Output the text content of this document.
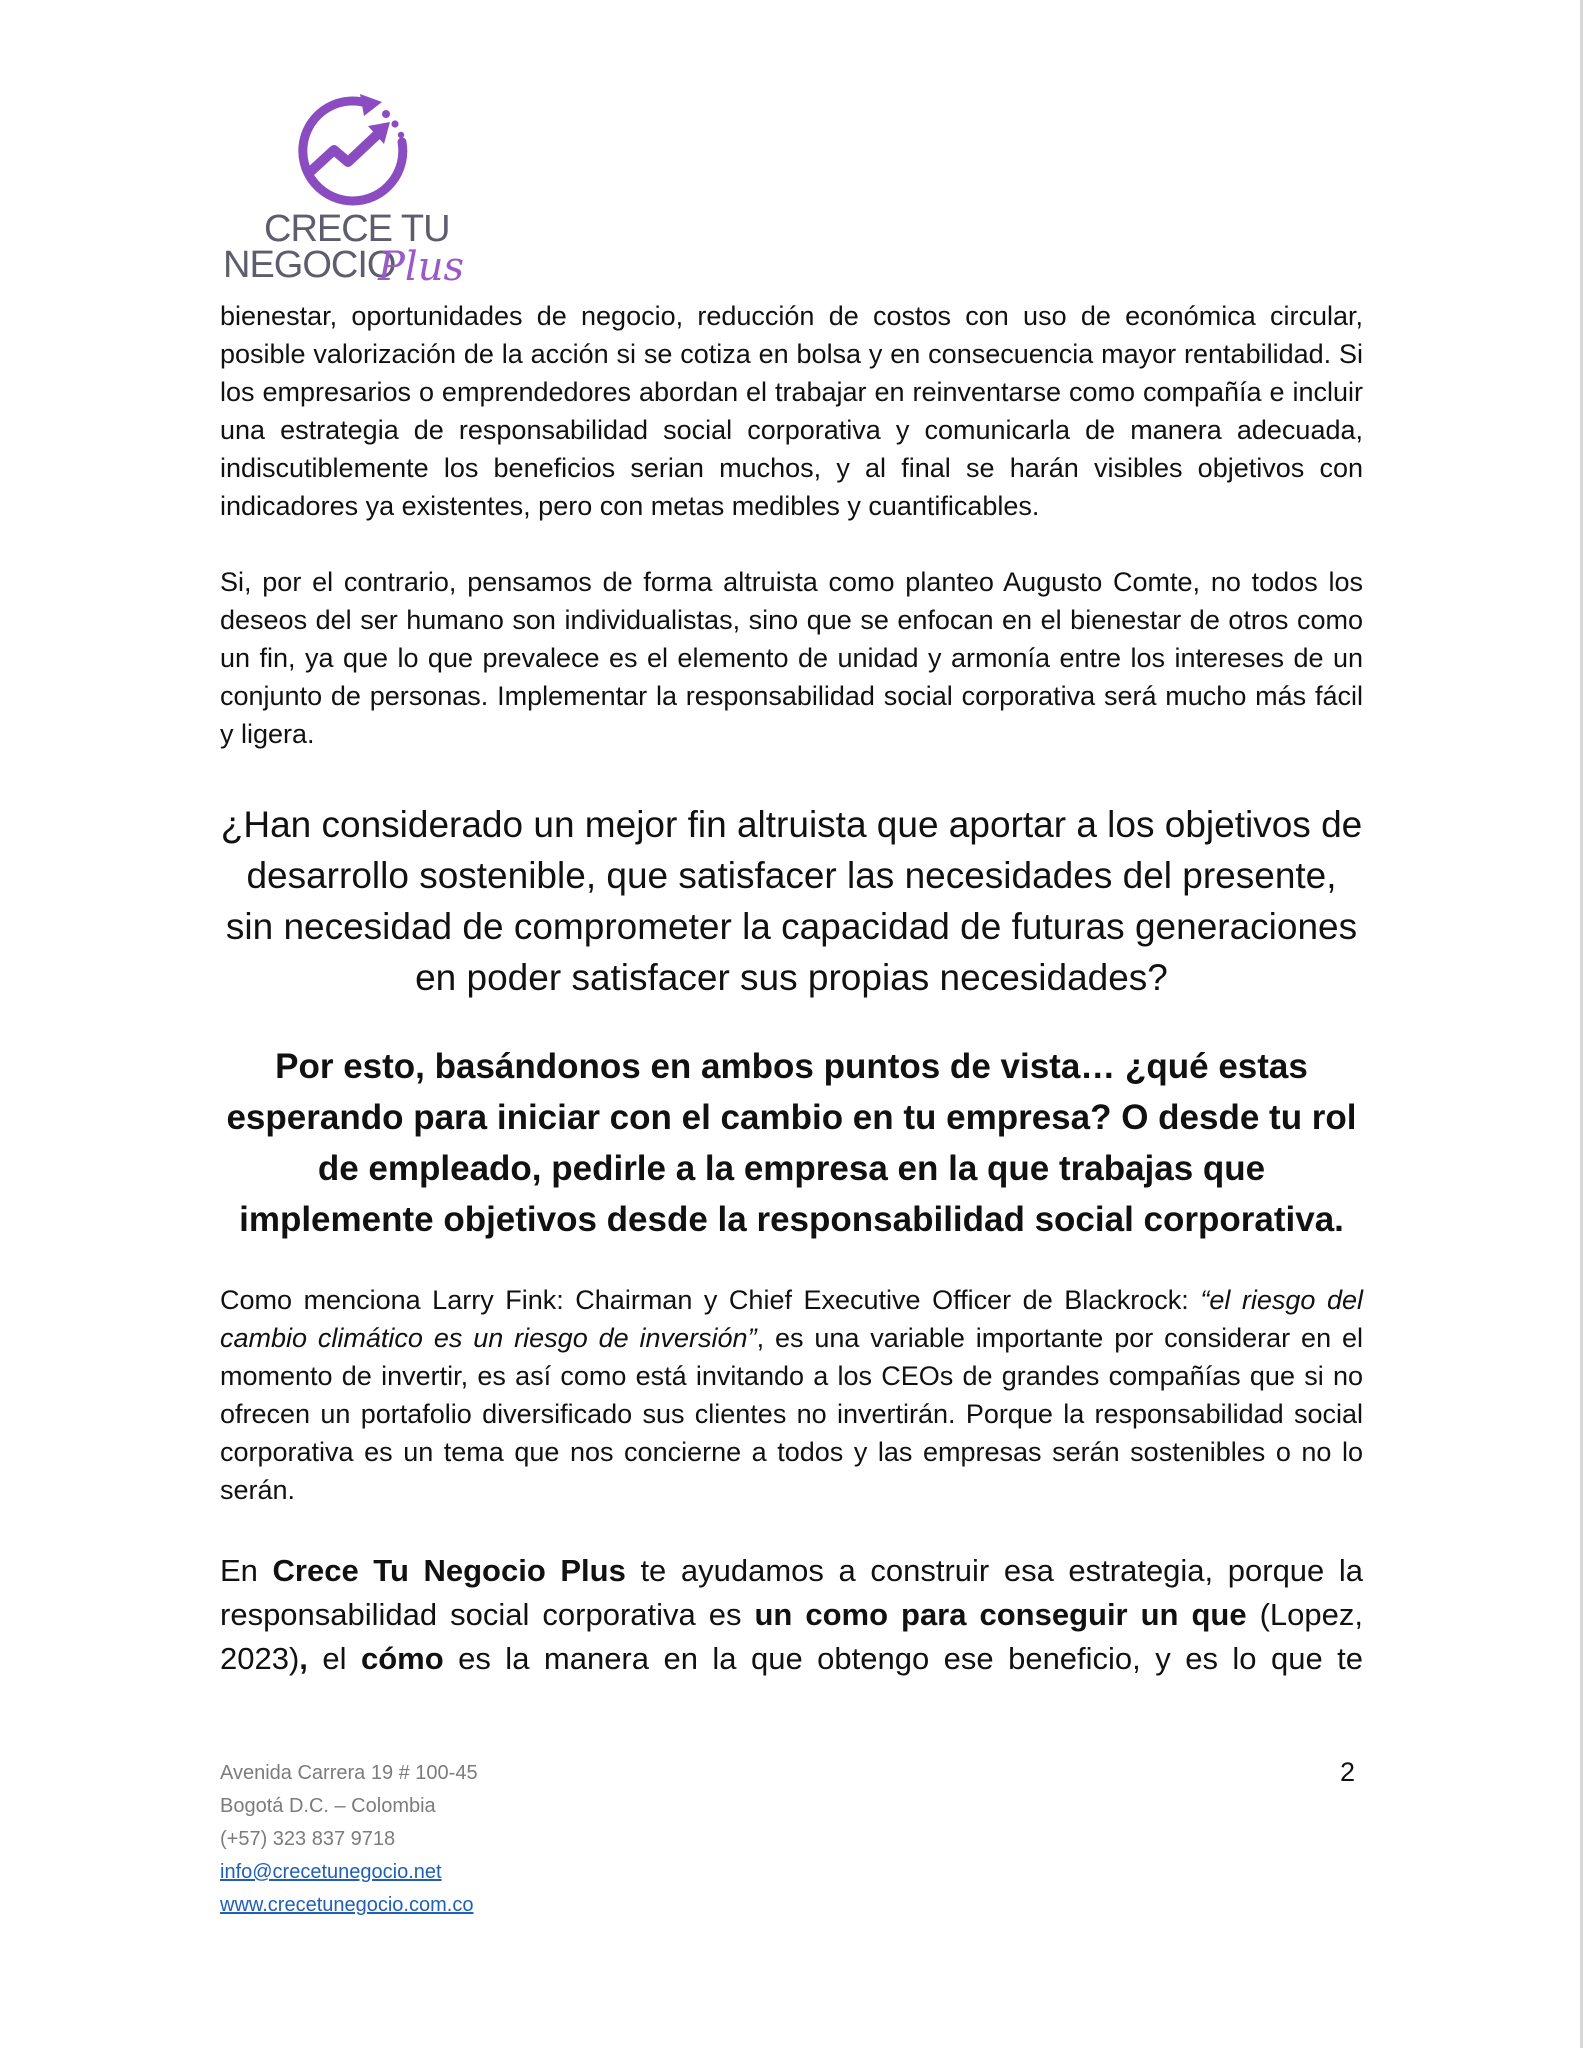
CRECE TU
NEGOCIO
Plus

bienestar, oportunidades de negocio, reducción de costos con uso de económica circular, posible valorización de la acción si se cotiza en bolsa y en consecuencia mayor rentabilidad. Si los empresarios o emprendedores abordan el trabajar en reinventarse como compañía e incluir una estrategia de responsabilidad social corporativa y comunicarla de manera adecuada, indiscutiblemente los beneficios serian muchos, y al final se harán visibles objetivos con indicadores ya existentes, pero con metas medibles y cuantificables.

Si, por el contrario, pensamos de forma altruista como planteo Augusto Comte, no todos los deseos del ser humano son individualistas, sino que se enfocan en el bienestar de otros como un fin, ya que lo que prevalece es el elemento de unidad y armonía entre los intereses de un conjunto de personas. Implementar la responsabilidad social corporativa será mucho más fácil y ligera.

¿Han considerado un mejor fin altruista que aportar a los objetivos de desarrollo sostenible, que satisfacer las necesidades del presente, sin necesidad de comprometer la capacidad de futuras generaciones en poder satisfacer sus propias necesidades?

Por esto, basándonos en ambos puntos de vista… ¿qué estas esperando para iniciar con el cambio en tu empresa? O desde tu rol de empleado, pedirle a la empresa en la que trabajas que implemente objetivos desde la responsabilidad social corporativa.

Como menciona Larry Fink: Chairman y Chief Executive Officer de Blackrock: “el riesgo del cambio climático es un riesgo de inversión”, es una variable importante por considerar en el momento de invertir, es así como está invitando a los CEOs de grandes compañías que si no ofrecen un portafolio diversificado sus clientes no invertirán. Porque la responsabilidad social corporativa es un tema que nos concierne a todos y las empresas serán sostenibles o no lo serán.

En Crece Tu Negocio Plus te ayudamos a construir esa estrategia, porque la responsabilidad social corporativa es un como para conseguir un que (Lopez, 2023), el cómo es la manera en la que obtengo ese beneficio, y es lo que te

Avenida Carrera 19 # 100-45
Bogotá D.C. – Colombia
(+57) 323 837 9718
info@crecetunegocio.net
www.crecetunegocio.com.co
2
